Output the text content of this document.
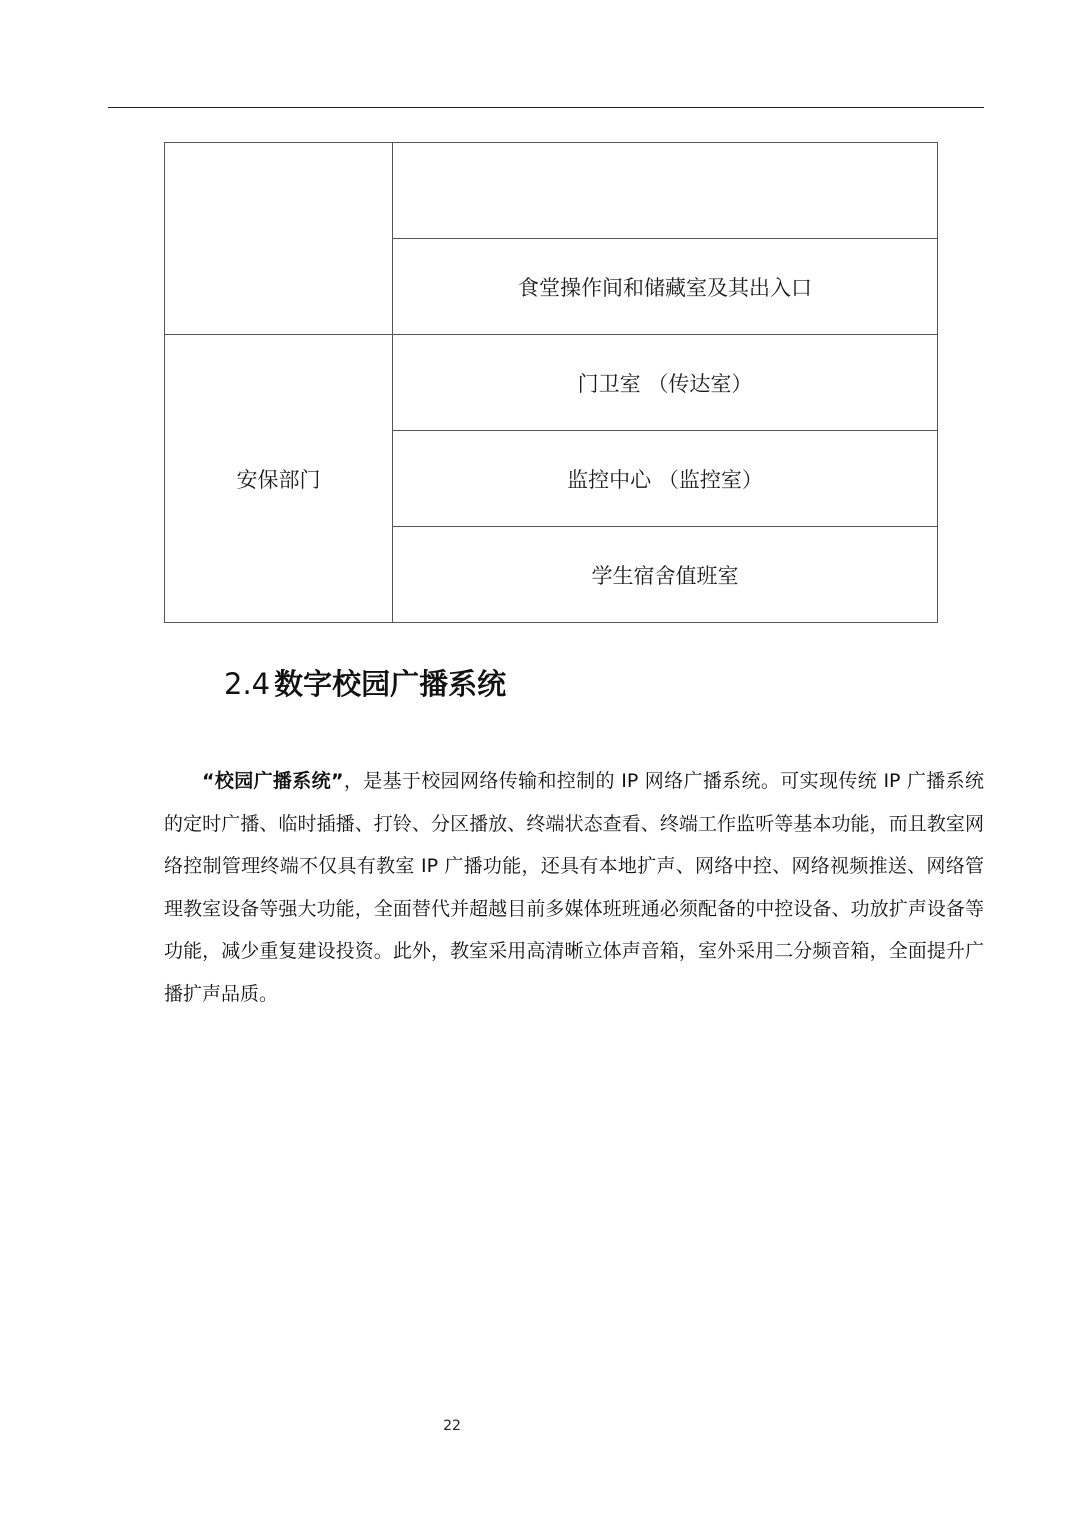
	食堂操作间和储藏室及其出入口
安保部门	门卫室 （传达室）
	监控中心 （监控室）
	学生宿舍值班室
2.4 数字校园广播系统

“校园广播系统”，是基于校园网络传输和控制的 IP 网络广播系统。可实现传统 IP 广播系统的定时广播、临时插播、打铃、分区播放、终端状态查看、终端工作监听等基本功能，而且教室网络控制管理终端不仅具有教室 IP 广播功能，还具有本地扩声、网络中控、网络视频推送、网络管理教室设备等强大功能，全面替代并超越目前多媒体班班通必须配备的中控设备、功放扩声设备等功能，减少重复建设投资。此外，教室采用高清晰立体声音箱，室外采用二分频音箱，全面提升广播扩声品质。

22
